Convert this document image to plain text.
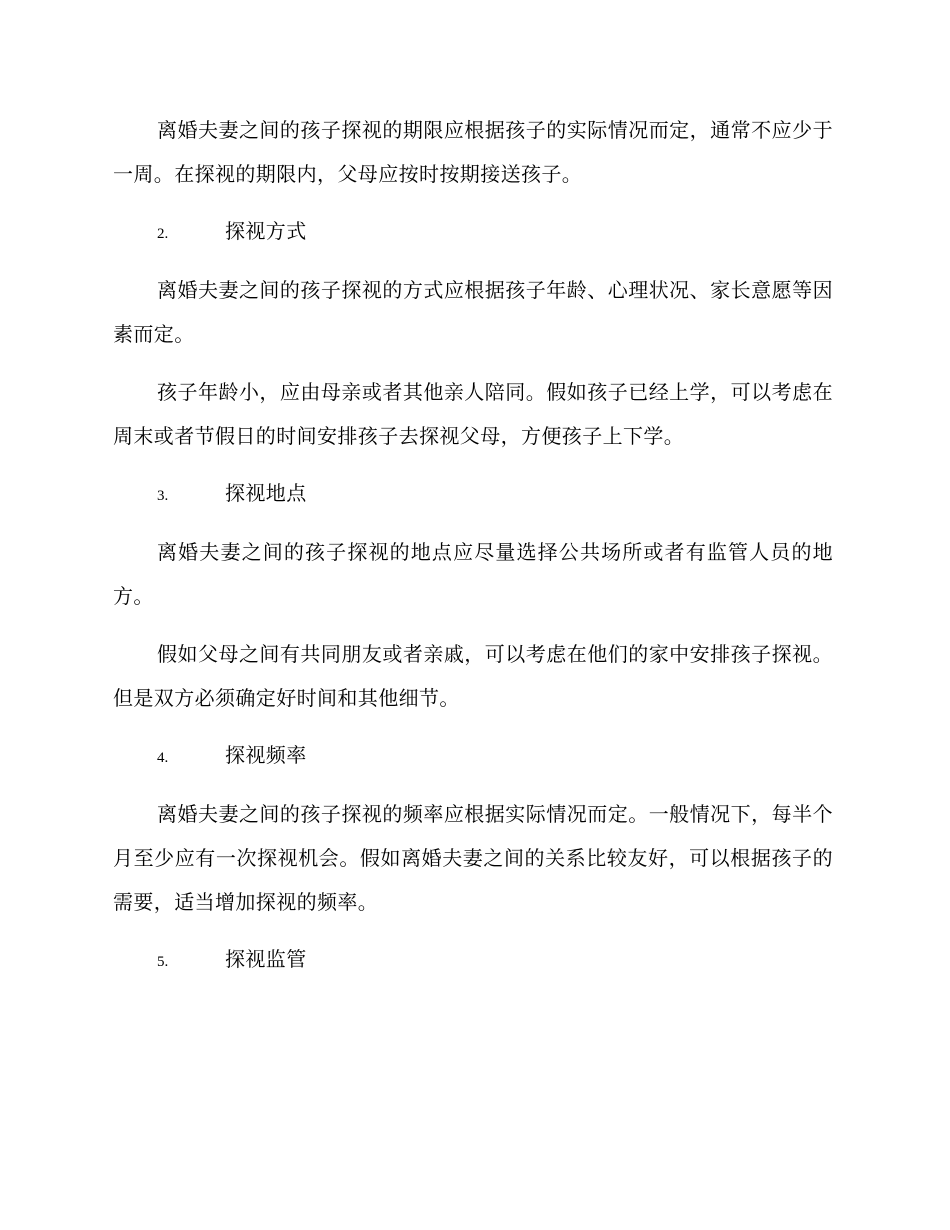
离婚夫妻之间的孩子探视的期限应根据孩子的实际情况而定，通常不应少于一周。在探视的期限内，父母应按时按期接送孩子。

2.	探视方式

离婚夫妻之间的孩子探视的方式应根据孩子年龄、心理状况、家长意愿等因素而定。

孩子年龄小，应由母亲或者其他亲人陪同。假如孩子已经上学，可以考虑在周末或者节假日的时间安排孩子去探视父母，方便孩子上下学。

3.	探视地点

离婚夫妻之间的孩子探视的地点应尽量选择公共场所或者有监管人员的地方。

假如父母之间有共同朋友或者亲戚，可以考虑在他们的家中安排孩子探视。但是双方必须确定好时间和其他细节。

4.	探视频率

离婚夫妻之间的孩子探视的频率应根据实际情况而定。一般情况下，每半个月至少应有一次探视机会。假如离婚夫妻之间的关系比较友好，可以根据孩子的需要，适当增加探视的频率。

5.	探视监管
